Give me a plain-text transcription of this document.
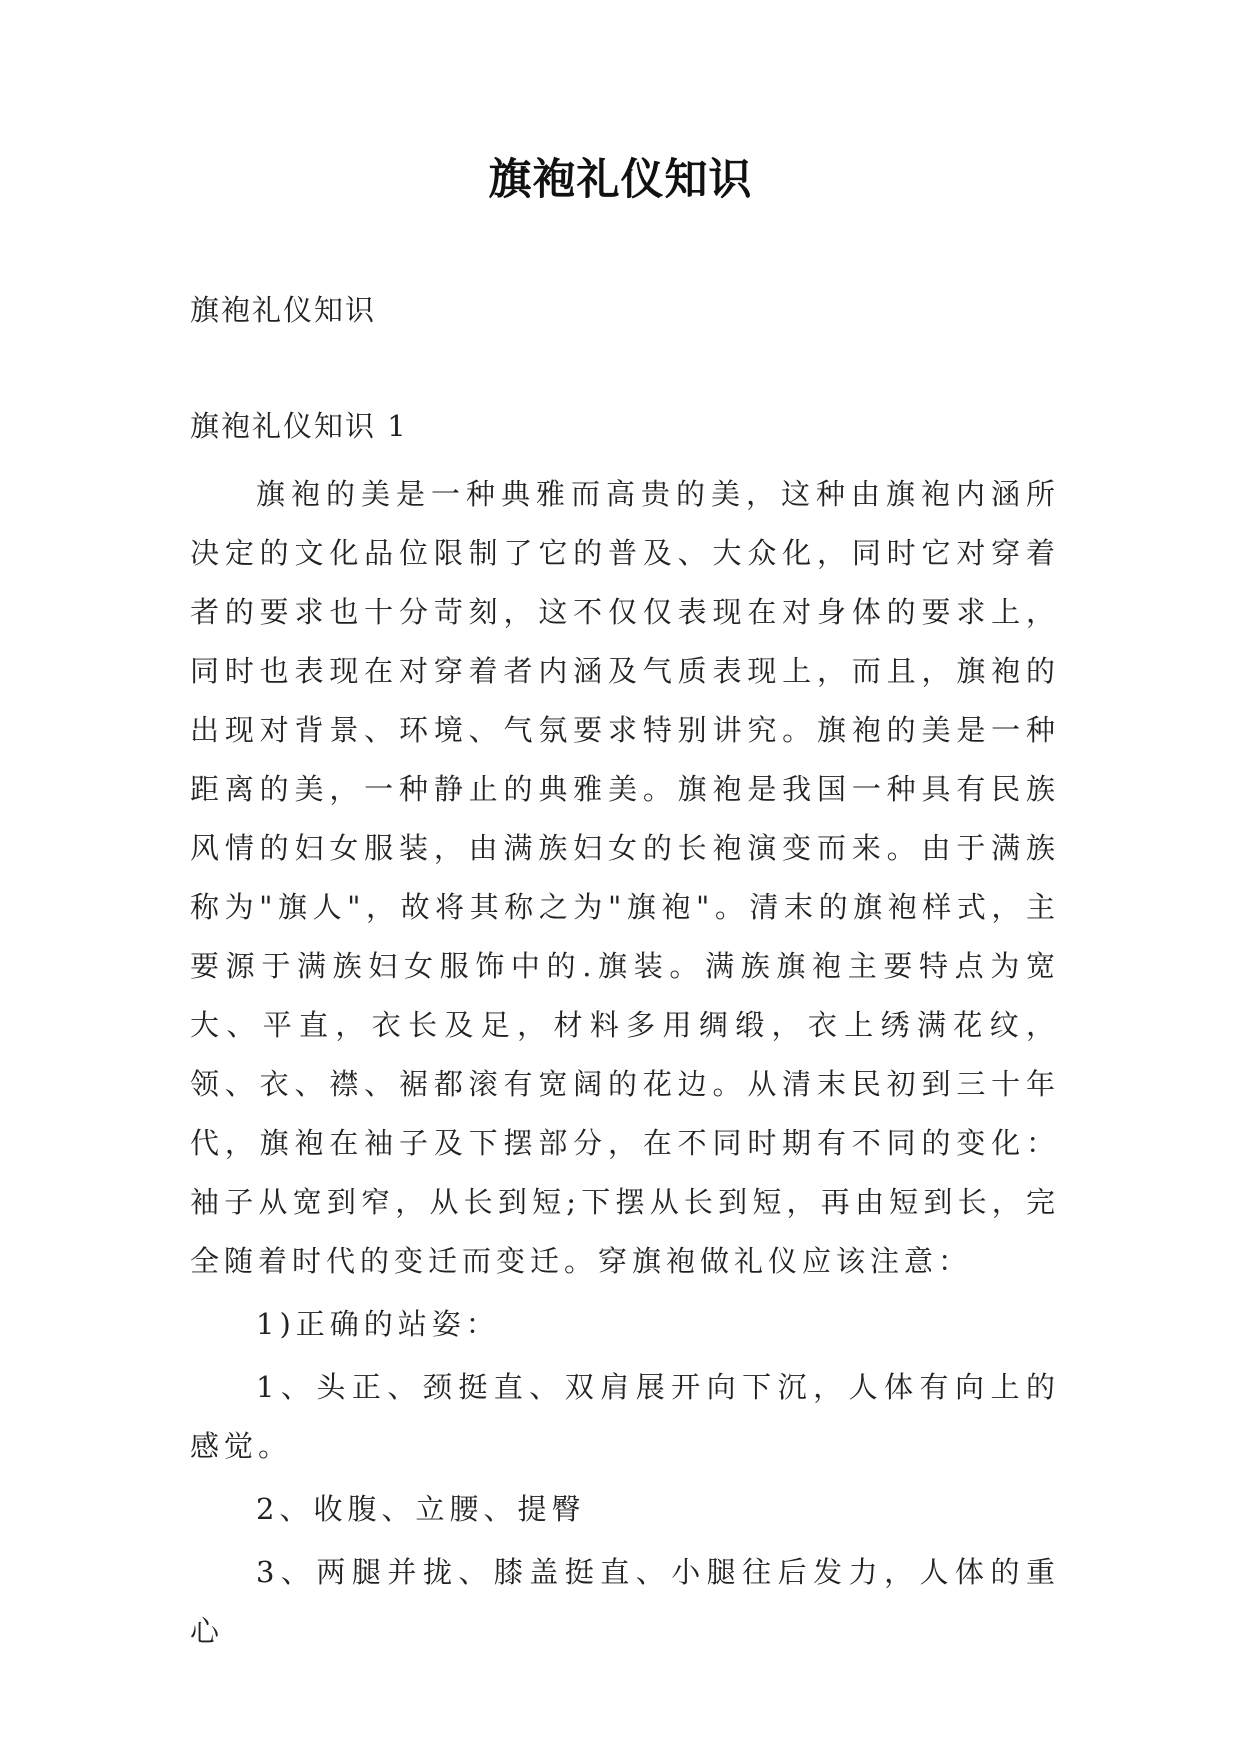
旗袍礼仪知识
旗袍礼仪知识
旗袍礼仪知识 1

旗袍的美是一种典雅而高贵的美，这种由旗袍内涵所决定的文化品位限制了它的普及、大众化，同时它对穿着者的要求也十分苛刻，这不仅仅表现在对身体的要求上，同时也表现在对穿着者内涵及气质表现上，而且，旗袍的出现对背景、环境、气氛要求特别讲究。旗袍的美是一种距离的美，一种静止的典雅美。旗袍是我国一种具有民族风情的妇女服装，由满族妇女的长袍演变而来。由于满族称为"旗人"，故将其称之为"旗袍"。清末的旗袍样式，主要源于满族妇女服饰中的.旗装。满族旗袍主要特点为宽大、平直，衣长及足，材料多用绸缎，衣上绣满花纹，领、衣、襟、裾都滚有宽阔的花边。从清末民初到三十年代，旗袍在袖子及下摆部分，在不同时期有不同的变化：袖子从宽到窄，从长到短;下摆从长到短，再由短到长，完全随着时代的变迁而变迁。穿旗袍做礼仪应该注意：

1)正确的站姿：

1、头正、颈挺直、双肩展开向下沉，人体有向上的感觉。

2、收腹、立腰、提臀

3、两腿并拢、膝盖挺直、小腿往后发力，人体的重心
